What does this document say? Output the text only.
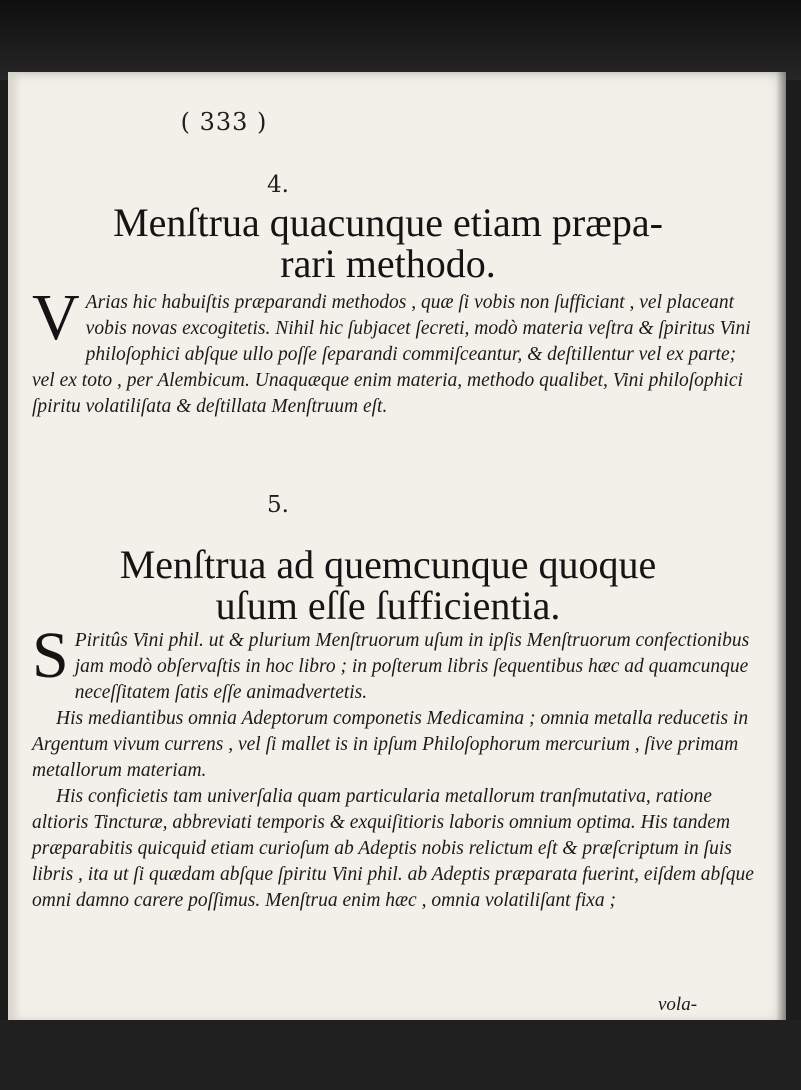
( 333 )
4.
Menſtrua quacunque etiam præpa-
rari methodo.

V Arias hic habuiſtis præparandi methodos , quæ ſi vobis non ſufficiant , vel placeant vobis novas excogitetis. Nihil hic ſubjacet ſecreti, modò materia veſtra & ſpiritus Vini philoſophici abſque ullo poſſe ſeparandi commiſceantur, & deſtillentur vel ex parte; vel ex toto , per Alembicum. Unaquæque enim materia, methodo qualibet, Vini philoſophici ſpiritu volatiliſata & deſtillata Menſtruum eſt.

5.
Menſtrua ad quemcunque quoque
uſum eſſe ſufficientia.

S Piritûs Vini phil. ut & plurium Menſtruorum uſum in ipſis Menſtruorum confectionibus jam modò obſervaſtis in hoc libro ; in poſterum libris ſequentibus hæc ad quamcunque neceſſitatem ſatis eſſe animadvertetis.

His mediantibus omnia Adeptorum componetis Medicamina ; omnia metalla reducetis in Argentum vivum currens , vel ſi mallet is in ipſum Philoſophorum mercurium , ſive primam metallorum materiam.

His conficietis tam univerſalia quam particularia metallorum tranſmutativa, ratione altioris Tincturæ, abbreviati temporis & exquiſitioris laboris omnium optima. His tandem præparabitis quicquid etiam curioſum ab Adeptis nobis relictum eſt & præſcriptum in ſuis libris , ita ut ſi quædam abſque ſpiritu Vini phil. ab Adeptis præparata fuerint, eiſdem abſque omni damno carere poſſimus. Menſtrua enim hæc , omnia volatiliſant fixa ;

vola-
